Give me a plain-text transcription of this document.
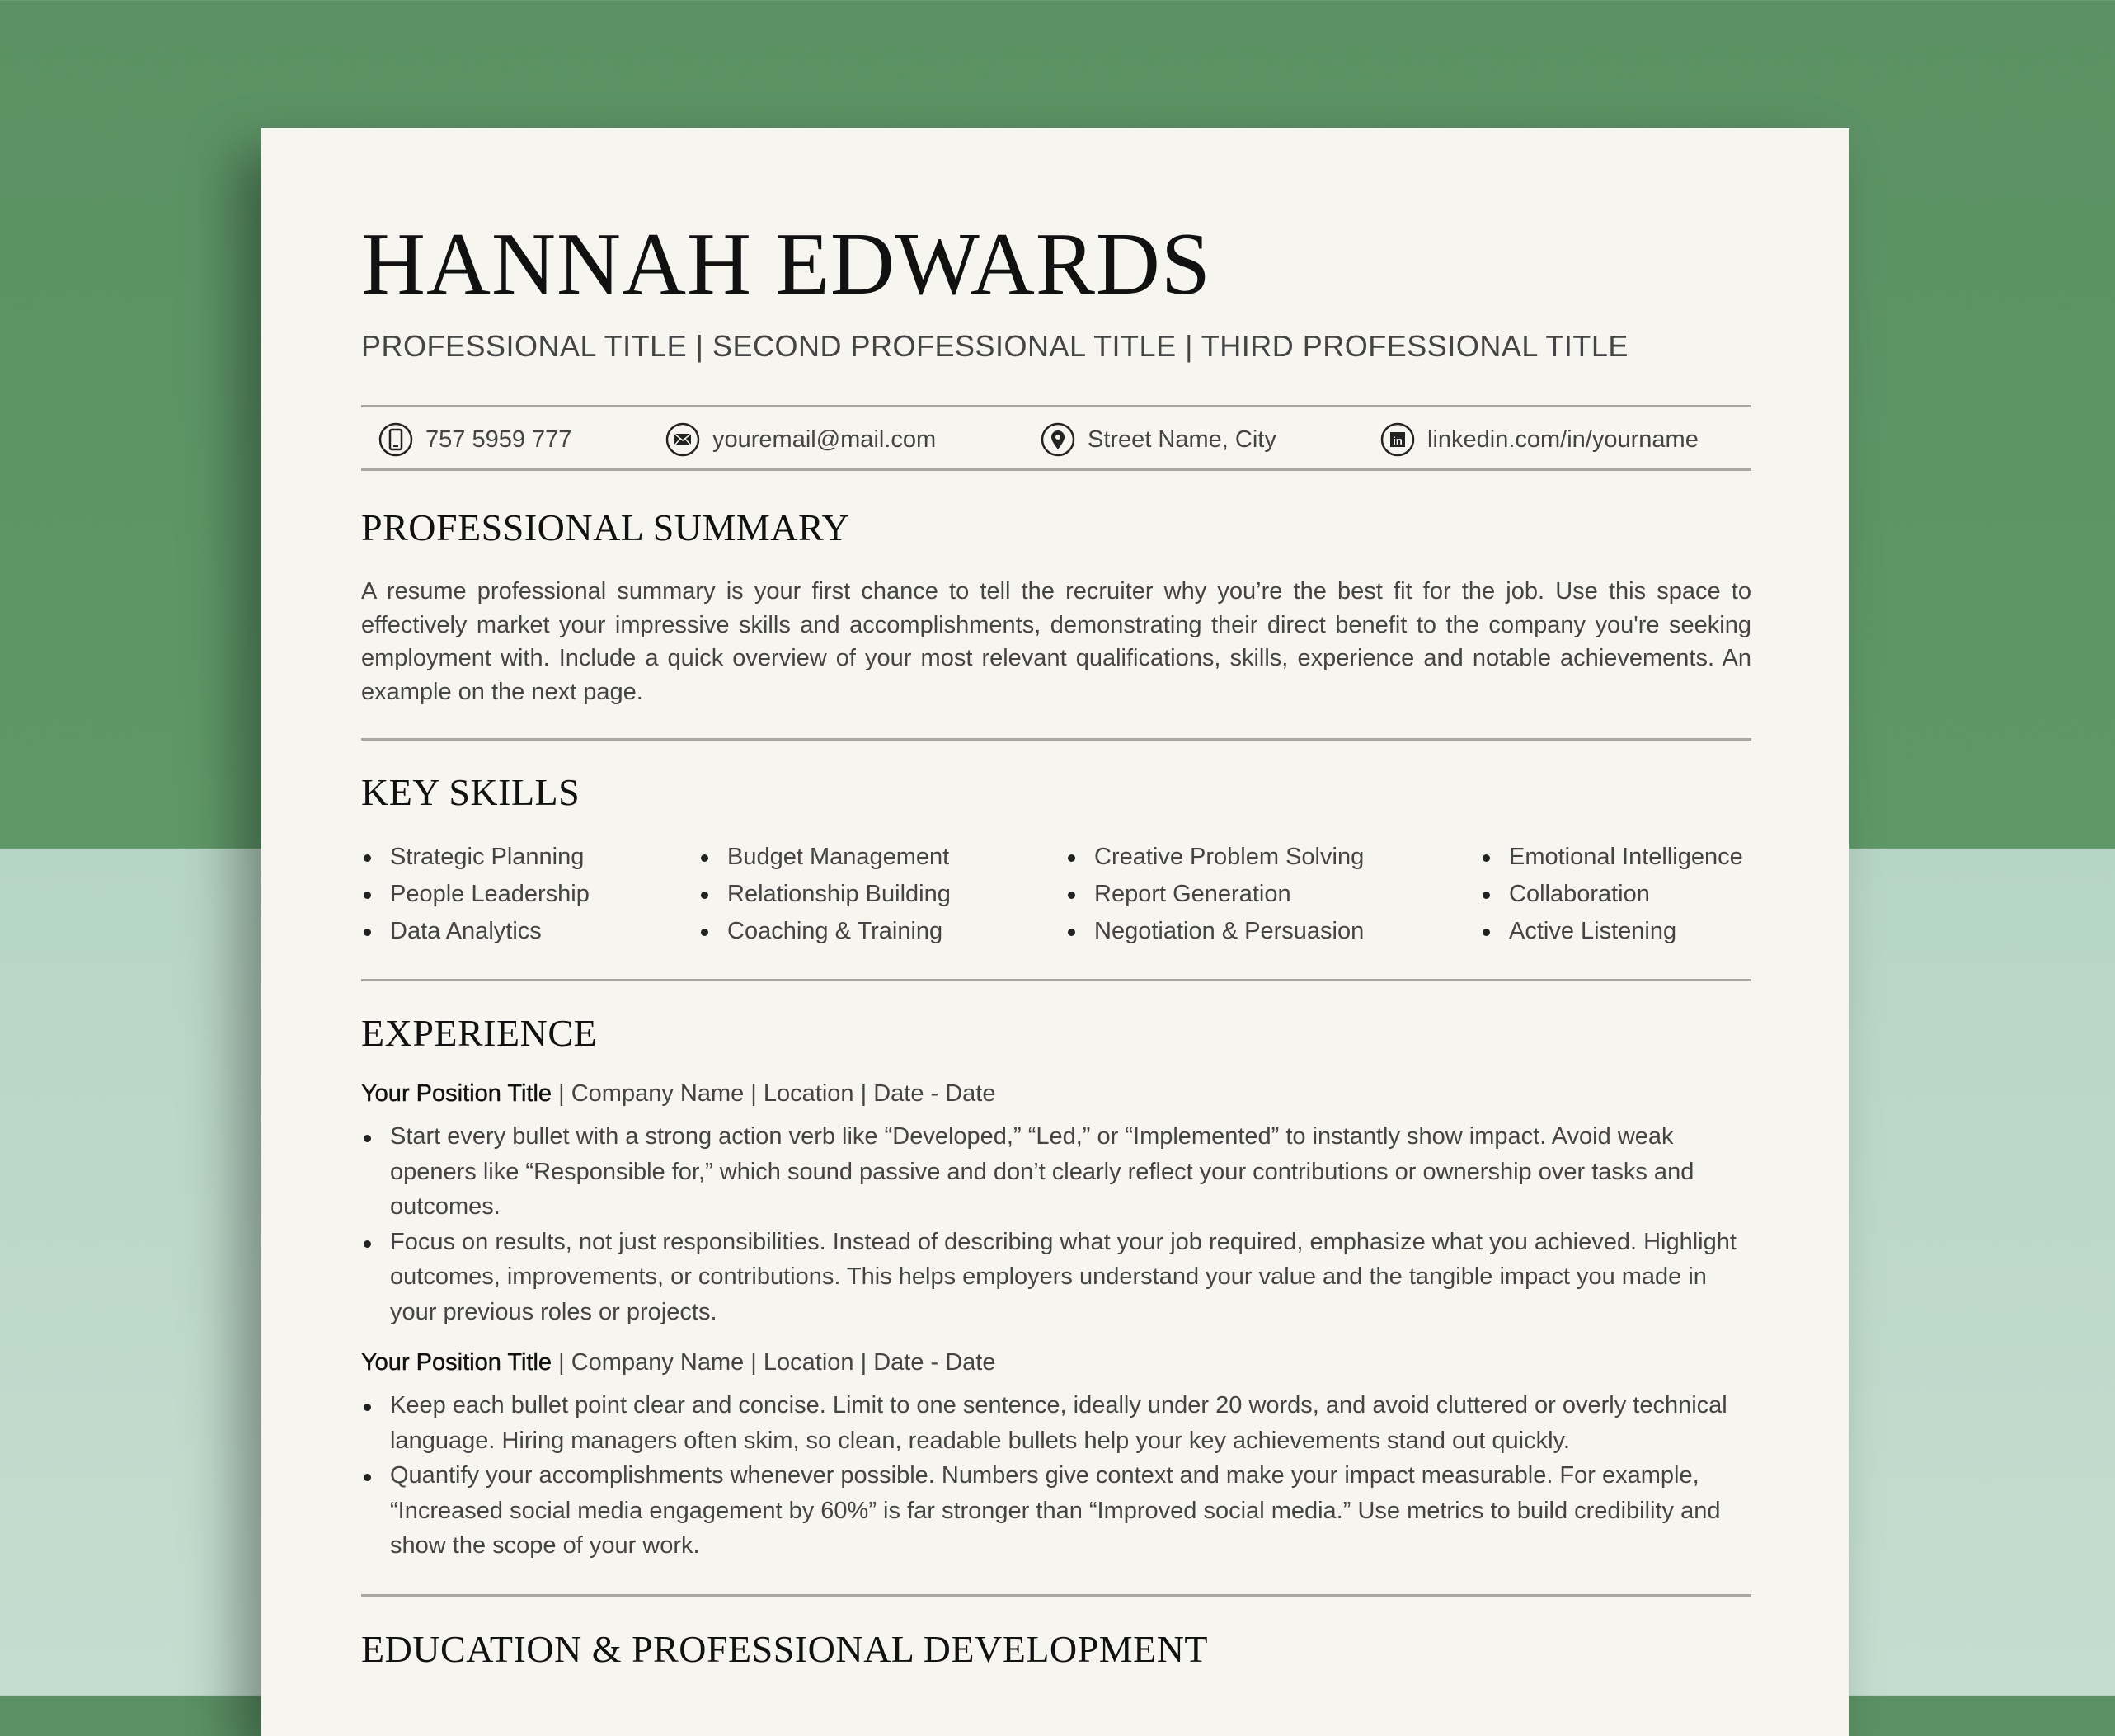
HANNAH EDWARDS
PROFESSIONAL TITLE | SECOND PROFESSIONAL TITLE | THIRD PROFESSIONAL TITLE
757 5959 777	youremail@mail.com	Street Name, City	in linkedin.com/in/yourname
PROFESSIONAL SUMMARY
A resume professional summary is your first chance to tell the recruiter why you’re the best fit for the job. Use this space to effectively market your impressive skills and accomplishments, demonstrating their direct benefit to the company you're seeking employment with. Include a quick overview of your most relevant qualifications, skills, experience and notable achievements. An example on the next page.
KEY SKILLS
Strategic Planning
People Leadership
Data Analytics
Budget Management
Relationship Building
Coaching & Training
Creative Problem Solving
Report Generation
Negotiation & Persuasion
Emotional Intelligence
Collaboration
Active Listening
EXPERIENCE
Your Position Title | Company Name | Location | Date - Date
Start every bullet with a strong action verb like “Developed,” “Led,” or “Implemented” to instantly show impact. Avoid weak openers like “Responsible for,” which sound passive and don’t clearly reflect your contributions or ownership over tasks and outcomes.
Focus on results, not just responsibilities. Instead of describing what your job required, emphasize what you achieved. Highlight outcomes, improvements, or contributions. This helps employers understand your value and the tangible impact you made in your previous roles or projects.
Your Position Title | Company Name | Location | Date - Date
Keep each bullet point clear and concise. Limit to one sentence, ideally under 20 words, and avoid cluttered or overly technical language. Hiring managers often skim, so clean, readable bullets help your key achievements stand out quickly.
Quantify your accomplishments whenever possible. Numbers give context and make your impact measurable. For example, “Increased social media engagement by 60%” is far stronger than “Improved social media.” Use metrics to build credibility and show the scope of your work.
EDUCATION & PROFESSIONAL DEVELOPMENT
